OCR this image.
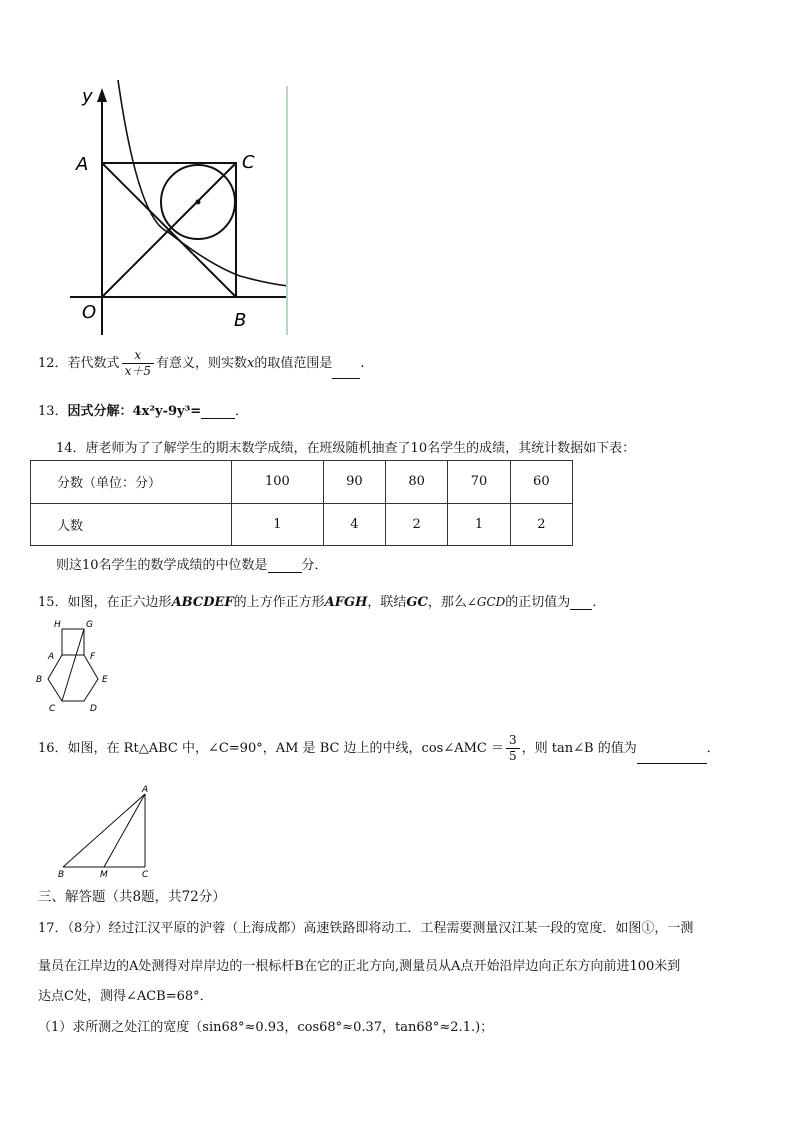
y
A	C
O	B
12．若代数式 $\frac{x}{x+5}$ 有意义，则实数x的取值范围是 .
13．因式分解：4x²y-9y³=	．
14．唐老师为了了解学生的期末数学成绩，在班级随机抽查了10名学生的成绩，其统计数据如下表：
分数（单位：分）	100	90	80	70	60
人数	1	4	2	1	2
则这10名学生的数学成绩的中位数是	分．
15．如图，在正六边形ABCDEF的上方作正方形AFGH，联结GC，那么∠GCD的正切值为 ．
H	G
A	F
B	E
C	D
16．如图，在 Rt△ABC 中，∠C=90°，AM 是 BC 边上的中线，cos∠AMC ＝ $\frac{3}{5}$ ，则 tan∠B 的值为	．
A
B	M	C
三、解答题（共8题，共72分）
17．（8分）经过江汉平原的沪蓉（上海成都）高速铁路即将动工．工程需要测量汉江某一段的宽度．如图①，一测
量员在江岸边的A处测得对岸岸边的一根标杆B在它的正北方向,测量员从A点开始沿岸边向正东方向前进100米到
达点C处，测得∠ACB=68°．
（1）求所测之处江的宽度（sin68°≈0.93，cos68°≈0.37，tan68°≈2.1.)；
